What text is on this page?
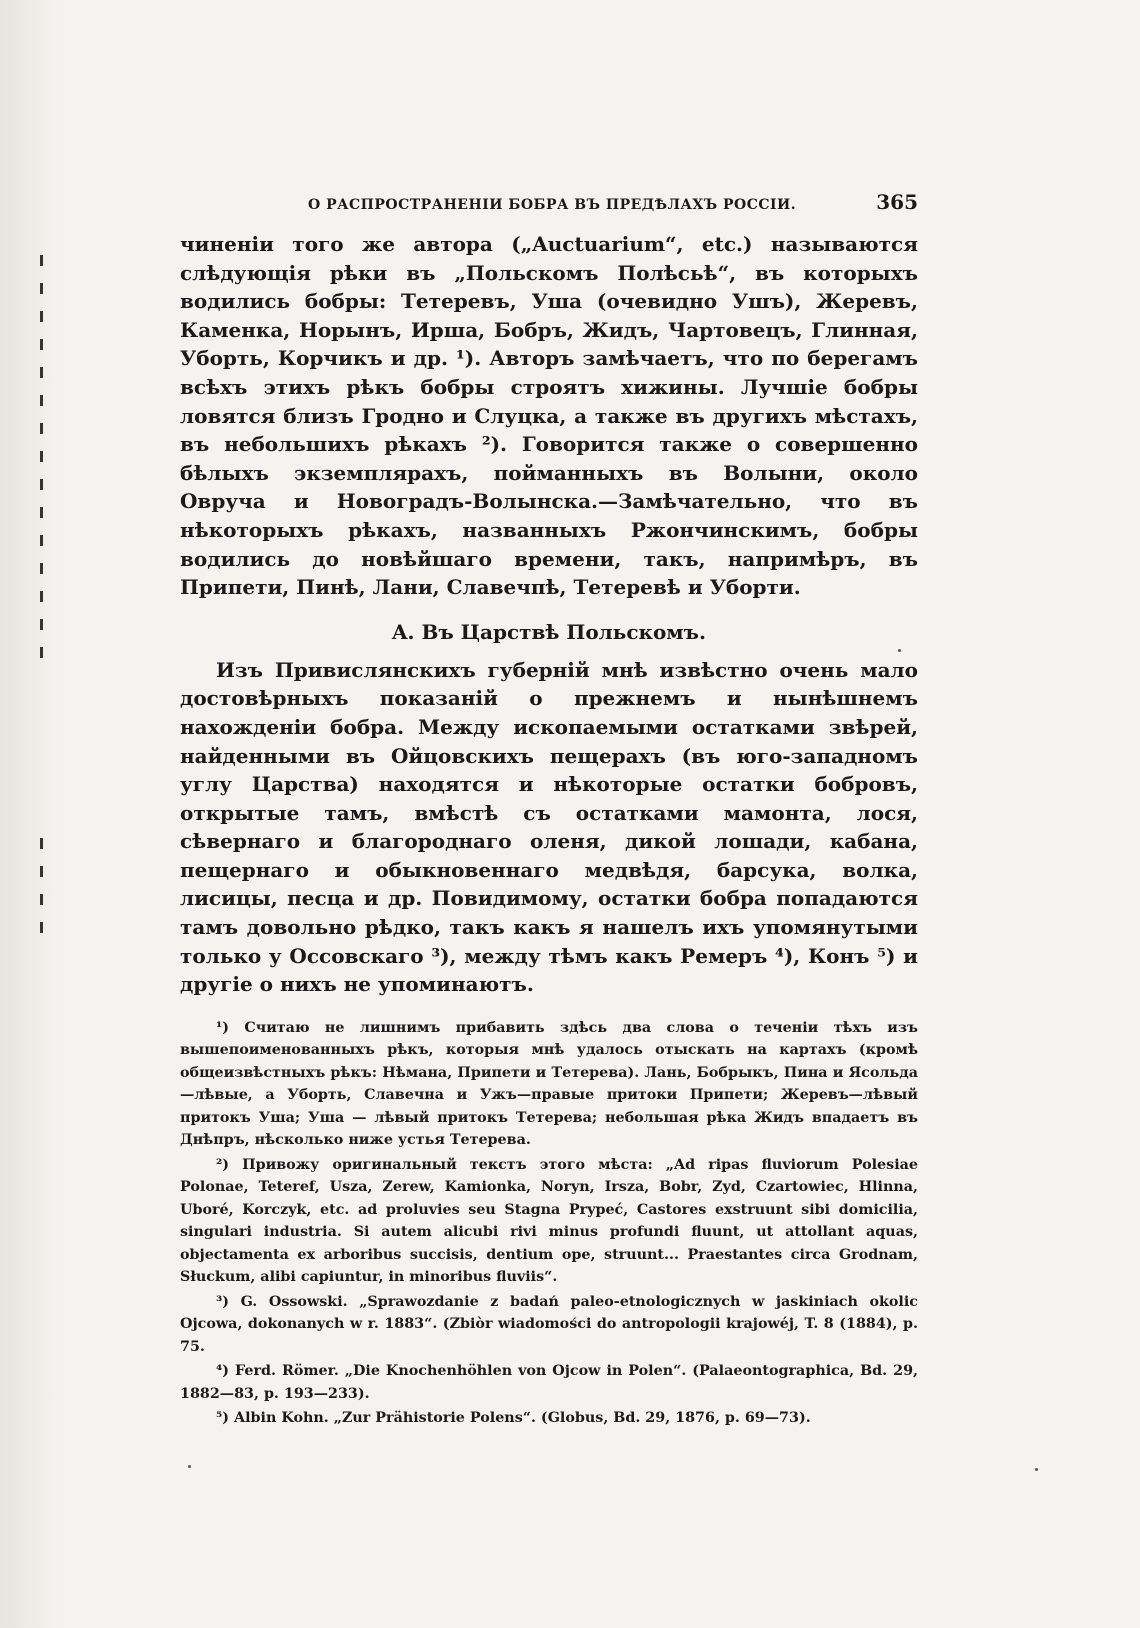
О РАСПРОСТРАНЕНІИ БОБРА ВЪ ПРЕДѢЛАХЪ РОССІИ.	365

чиненіи того же автора („Auctuarium“, etc.) называются слѣдующія рѣки въ „Польскомъ Полѣсьѣ“, въ которыхъ водились бобры: Тетеревъ, Уша (очевидно Ушъ), Жеревъ, Каменка, Норынъ, Ирша, Бобръ, Жидъ, Чартовецъ, Глинная, Уборть, Корчикъ и др. ¹). Авторъ замѣчаетъ, что по берегамъ всѣхъ этихъ рѣкъ бобры строятъ хижины. Лучшіе бобры ловятся близъ Гродно и Слуцка, а также въ другихъ мѣстахъ, въ небольшихъ рѣкахъ ²). Говорится также о совершенно бѣлыхъ экземплярахъ, пойманныхъ въ Волыни, около Овруча и Новоградъ-Волынска.—Замѣчательно, что въ нѣкоторыхъ рѣкахъ, названныхъ Ржончинскимъ, бобры водились до новѣйшаго времени, такъ, напримѣръ, въ Припети, Пинѣ, Лани, Славечпѣ, Тетеревѣ и Уборти.

A. Въ Царствѣ Польскомъ.

Изъ Привислянскихъ губерній мнѣ извѣстно очень мало достовѣрныхъ показаній о прежнемъ и нынѣшнемъ нахожденіи бобра. Между ископаемыми остатками звѣрей, найденными въ Ойцовскихъ пещерахъ (въ юго-западномъ углу Царства) находятся и нѣкоторые остатки бобровъ, открытые тамъ, вмѣстѣ съ остатками мамонта, лося, сѣвернаго и благороднаго оленя, дикой лошади, кабана, пещернаго и обыкновеннаго медвѣдя, барсука, волка, лисицы, песца и др. Повидимому, остатки бобра попадаются тамъ довольно рѣдко, такъ какъ я нашелъ ихъ упомянутыми только у Оссовскаго ³), между тѣмъ какъ Ремеръ ⁴), Конъ ⁵) и другіе о нихъ не упоминаютъ.

¹) Считаю не лишнимъ прибавить здѣсь два слова о теченіи тѣхъ изъ вышепоименованныхъ рѣкъ, которыя мнѣ удалось отыскать на картахъ (кромѣ общеизвѣстныхъ рѣкъ: Нѣмана, Припети и Тетерева). Лань, Бобрыкъ, Пина и Ясольда—лѣвые, а Уборть, Славечна и Ужъ—правые притоки Припети; Жеревъ—лѣвый притокъ Уша; Уша — лѣвый притокъ Тетерева; небольшая рѣка Жидъ впадаетъ въ Днѣпръ, нѣсколько ниже устья Тетерева.

²) Привожу оригинальный текстъ этого мѣста: „Ad ripas fluviorum Polesiae Polonae, Teteref, Usza, Zerew, Kamionka, Noryn, Irsza, Bobr, Zyd, Czartowiec, Hlinna, Uboré, Korczyk, etc. ad proluvies seu Stagna Prypeć, Castores exstruunt sibi domicilia, singulari industria. Si autem alicubi rivi minus profundi fluunt, ut attollant aquas, objectamenta ex arboribus succisis, dentium ope, struunt... Praestantes circa Grodnam, Słuckum, alibi capiuntur, in minoribus fluviis“.

³) G. Ossowski. „Sprawozdanie z badań paleo-etnologicznych w jaskiniach okolic Ojcowa, dokonanych w r. 1883“. (Zbiòr wiadomości do antropologii krajowéj, T. 8 (1884), p. 75.

⁴) Ferd. Römer. „Die Knochenhöhlen von Ojcow in Polen“. (Palaeontographica, Bd. 29, 1882—83, p. 193—233).

⁵) Albin Kohn. „Zur Prähistorie Polens“. (Globus, Bd. 29, 1876, p. 69—73).
